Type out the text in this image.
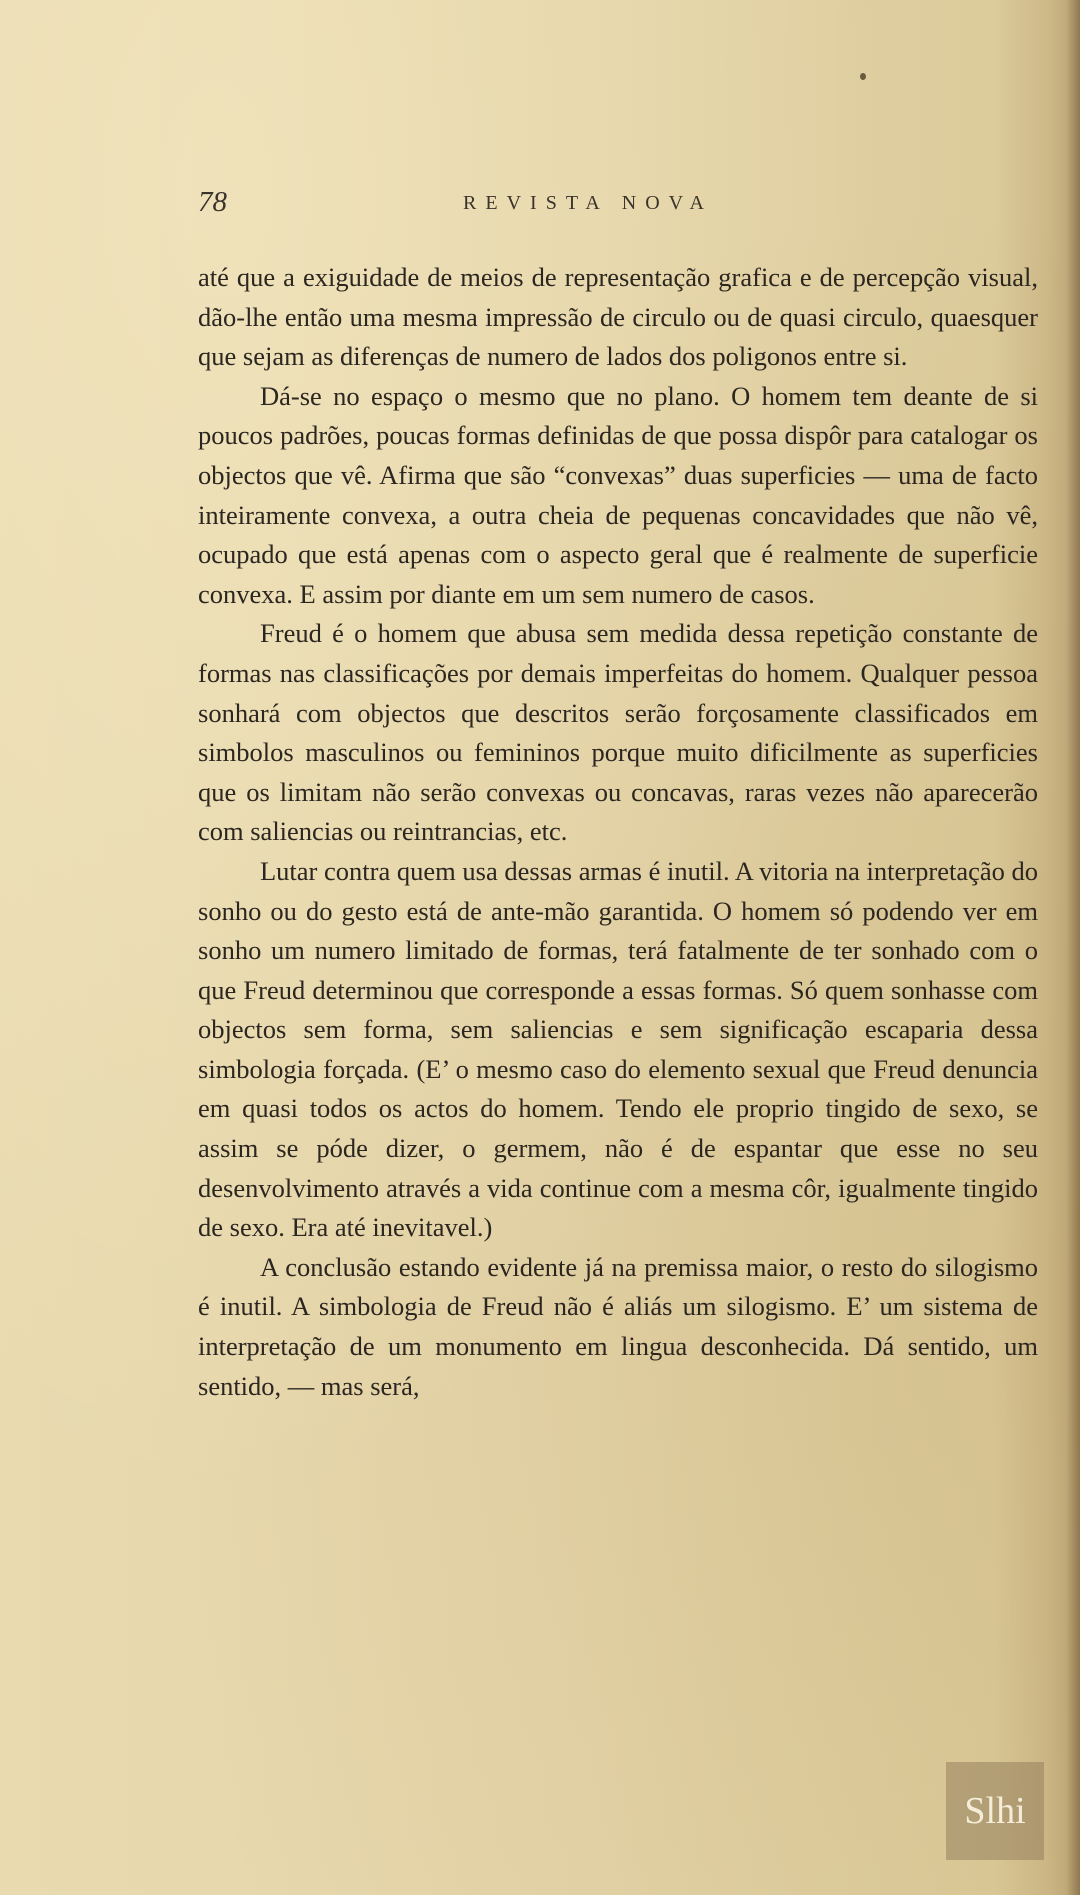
78	REVISTA NOVA

até que a exiguidade de meios de representação grafica e de percepção visual, dão-lhe então uma mesma impressão de circulo ou de quasi circulo, quaesquer que sejam as diferenças de numero de lados dos poligonos entre si.

Dá-se no espaço o mesmo que no plano. O homem tem deante de si poucos padrões, poucas formas definidas de que possa dispôr para catalogar os objectos que vê. Afirma que são “convexas” duas superficies — uma de facto inteiramente convexa, a outra cheia de pequenas concavidades que não vê, ocupado que está apenas com o aspecto geral que é realmente de superficie convexa. E assim por diante em um sem numero de casos.

Freud é o homem que abusa sem medida dessa repetição constante de formas nas classificações por demais imperfeitas do homem. Qualquer pessoa sonhará com objectos que descritos serão forçosamente classificados em simbolos masculinos ou femininos porque muito dificilmente as superficies que os limitam não serão convexas ou concavas, raras vezes não aparecerão com saliencias ou reintrancias, etc.

Lutar contra quem usa dessas armas é inutil. A vitoria na interpretação do sonho ou do gesto está de ante-mão garantida. O homem só podendo ver em sonho um numero limitado de formas, terá fatalmente de ter sonhado com o que Freud determinou que corresponde a essas formas. Só quem sonhasse com objectos sem forma, sem saliencias e sem significação escaparia dessa simbologia forçada. (E’ o mesmo caso do elemento sexual que Freud denuncia em quasi todos os actos do homem. Tendo ele proprio tingido de sexo, se assim se póde dizer, o germem, não é de espantar que esse no seu desenvolvimento através a vida continue com a mesma côr, igualmente tingido de sexo. Era até inevitavel.)

A conclusão estando evidente já na premissa maior, o resto do silogismo é inutil. A simbologia de Freud não é aliás um silogismo. E’ um sistema de interpretação de um monumento em lingua desconhecida. Dá sentido, um sentido, — mas será,

Slhi
